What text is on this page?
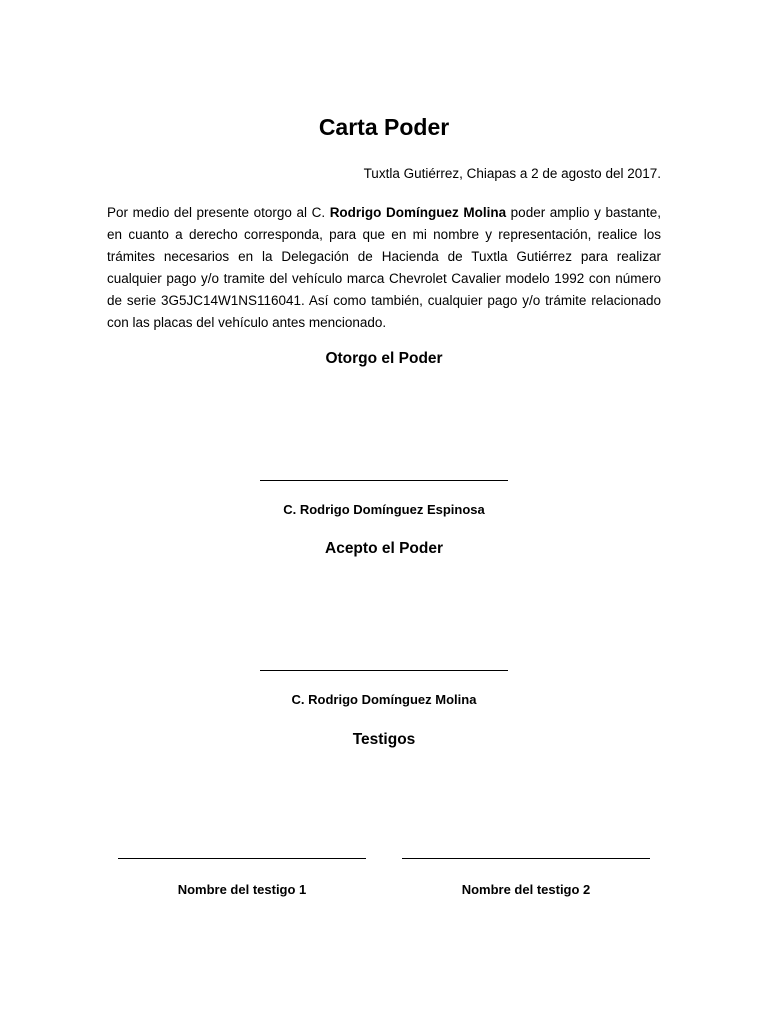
Carta Poder
Tuxtla Gutiérrez, Chiapas a 2 de agosto del 2017.
Por medio del presente otorgo al C. Rodrigo Domínguez Molina poder amplio y bastante, en cuanto a derecho corresponda, para que en mi nombre y representación, realice los trámites necesarios en la Delegación de Hacienda de Tuxtla Gutiérrez para realizar cualquier pago y/o tramite del vehículo marca Chevrolet Cavalier modelo 1992 con número de serie 3G5JC14W1NS116041. Así como también, cualquier pago y/o trámite relacionado con las placas del vehículo antes mencionado.
Otorgo el Poder
C. Rodrigo Domínguez Espinosa
Acepto el Poder
C. Rodrigo Domínguez Molina
Testigos
Nombre del testigo 1	Nombre del testigo 2
